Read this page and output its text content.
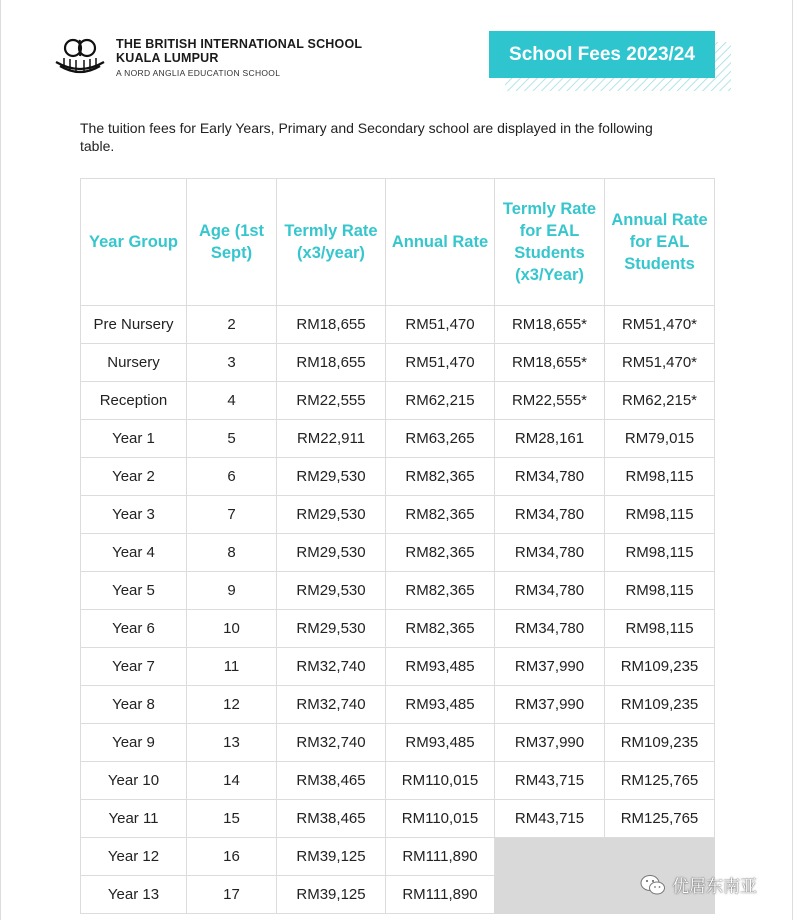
THE BRITISH INTERNATIONAL SCHOOL
KUALA LUMPUR
A NORD ANGLIA EDUCATION SCHOOL
School Fees 2023/24
The tuition fees for Early Years, Primary and Secondary school are displayed in the following table.
Year Group	Age (1st Sept)	Termly Rate (x3/year)	Annual Rate	Termly Rate for EAL Students (x3/Year)	Annual Rate for EAL Students
Pre Nursery	2	RM18,655	RM51,470	RM18,655*	RM51,470*
Nursery	3	RM18,655	RM51,470	RM18,655*	RM51,470*
Reception	4	RM22,555	RM62,215	RM22,555*	RM62,215*
Year 1	5	RM22,911	RM63,265	RM28,161	RM79,015
Year 2	6	RM29,530	RM82,365	RM34,780	RM98,115
Year 3	7	RM29,530	RM82,365	RM34,780	RM98,115
Year 4	8	RM29,530	RM82,365	RM34,780	RM98,115
Year 5	9	RM29,530	RM82,365	RM34,780	RM98,115
Year 6	10	RM29,530	RM82,365	RM34,780	RM98,115
Year 7	11	RM32,740	RM93,485	RM37,990	RM109,235
Year 8	12	RM32,740	RM93,485	RM37,990	RM109,235
Year 9	13	RM32,740	RM93,485	RM37,990	RM109,235
Year 10	14	RM38,465	RM110,015	RM43,715	RM125,765
Year 11	15	RM38,465	RM110,015	RM43,715	RM125,765
Year 12	16	RM39,125	RM111,890		
Year 13	17	RM39,125	RM111,890			优居东南亚
